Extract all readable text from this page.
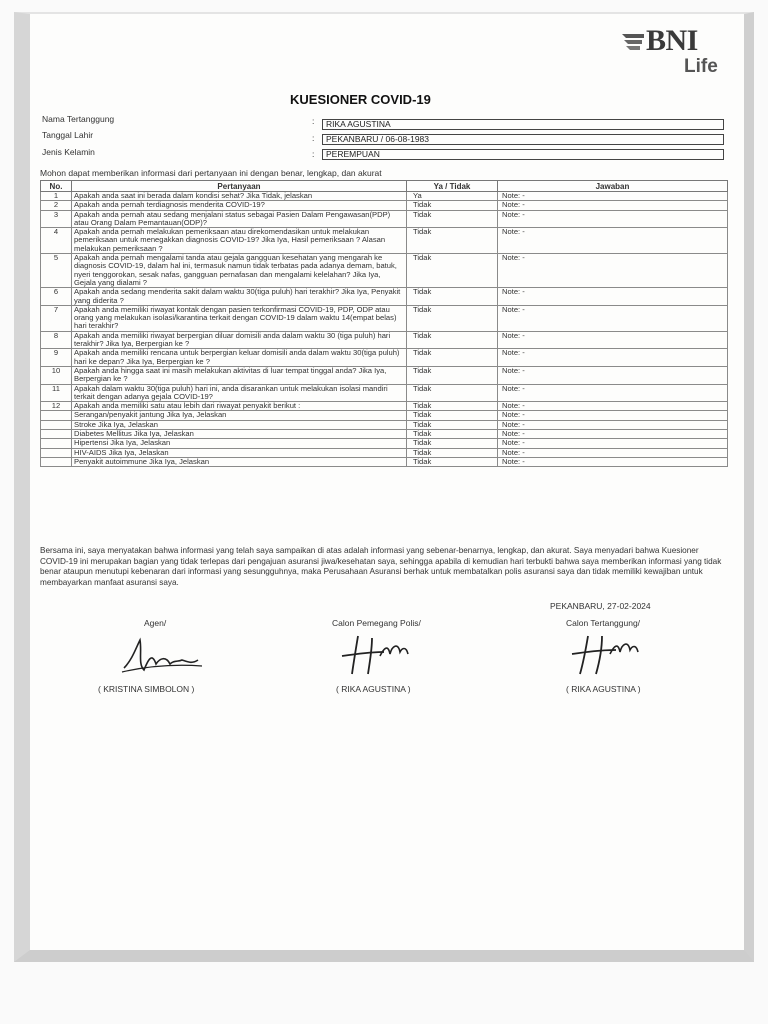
BNI
Life
KUESIONER COVID-19
Nama Tertanggung	:	RIKA AGUSTINA
Tanggal Lahir	:	PEKANBARU / 06-08-1983
Jenis Kelamin	:	PEREMPUAN
Mohon dapat memberikan informasi dari pertanyaan ini dengan benar, lengkap, dan akurat
No.	Pertanyaan	Ya / Tidak	Jawaban
1	Apakah anda saat ini berada dalam kondisi sehat? Jika Tidak, jelaskan	Ya	Note: -
2	Apakah anda pernah terdiagnosis menderita COVID-19?	Tidak	Note: -
3	Apakah anda pernah atau sedang menjalani status sebagai Pasien Dalam Pengawasan(PDP) atau Orang Dalam Pemantauan(ODP)?	Tidak	Note: -
4	Apakah anda pernah melakukan pemeriksaan atau direkomendasikan untuk melakukan pemeriksaan untuk menegakkan diagnosis COVID-19? Jika Iya, Hasil pemeriksaan ? Alasan melakukan pemeriksaan ?	Tidak	Note: -
5	Apakah anda pernah mengalami tanda atau gejala gangguan kesehatan yang mengarah ke diagnosis COVID-19, dalam hal ini, termasuk namun tidak terbatas pada adanya demam, batuk, nyeri tenggorokan, sesak nafas, gangguan pernafasan dan mengalami kelelahan? Jika Iya, Gejala yang dialami ?	Tidak	Note: -
6	Apakah anda sedang menderita sakit dalam waktu 30(tiga puluh) hari terakhir? Jika Iya, Penyakit yang diderita ?	Tidak	Note: -
7	Apakah anda memiliki riwayat kontak dengan pasien terkonfirmasi COVID-19, PDP, ODP atau orang yang melakukan isolasi/karantina terkait dengan COVID-19 dalam waktu 14(empat belas) hari terakhir?	Tidak	Note: -
8	Apakah anda memiliki riwayat berpergian diluar domisili anda dalam waktu 30 (tiga puluh) hari terakhir? Jika Iya, Berpergian ke ?	Tidak	Note: -
9	Apakah anda memiliki rencana untuk berpergian keluar domisili anda dalam waktu 30(tiga puluh) hari ke depan? Jika Iya, Berpergian ke ?	Tidak	Note: -
10	Apakah anda hingga saat ini masih melakukan aktivitas di luar tempat tinggal anda? Jika Iya, Berpergian ke ?	Tidak	Note: -
11	Apakah dalam waktu 30(tiga puluh) hari ini, anda disarankan untuk melakukan isolasi mandiri terkait dengan adanya gejala COVID-19?	Tidak	Note: -
12	Apakah anda memiliki satu atau lebih dari riwayat penyakit berikut :	Tidak	Note: -
	Serangan/penyakit jantung Jika Iya, Jelaskan	Tidak	Note: -
	Stroke Jika Iya, Jelaskan	Tidak	Note: -
	Diabetes Mellitus Jika Iya, Jelaskan	Tidak	Note: -
	Hipertensi Jika Iya, Jelaskan	Tidak	Note: -
	HIV-AIDS Jika Iya, Jelaskan	Tidak	Note: -
	Penyakit autoimmune Jika Iya, Jelaskan	Tidak	Note: -
Bersama ini, saya menyatakan bahwa informasi yang telah saya sampaikan di atas adalah informasi yang sebenar-benarnya, lengkap, dan akurat. Saya menyadari bahwa Kuesioner COVID-19 ini merupakan bagian yang tidak terlepas dari pengajuan asuransi jiwa/kesehatan saya, sehingga apabila di kemudian hari terbukti bahwa saya memberikan informasi yang tidak benar ataupun menutupi kebenaran dari informasi yang sesungguhnya, maka Perusahaan Asuransi berhak untuk membatalkan polis asuransi saya dan tidak memiliki kewajiban untuk membayarkan manfaat asuransi saya.
PEKANBARU, 27-02-2024
Agen/
( KRISTINA SIMBOLON )
Calon Pemegang Polis/
( RIKA AGUSTINA )
Calon Tertanggung/
( RIKA AGUSTINA )
